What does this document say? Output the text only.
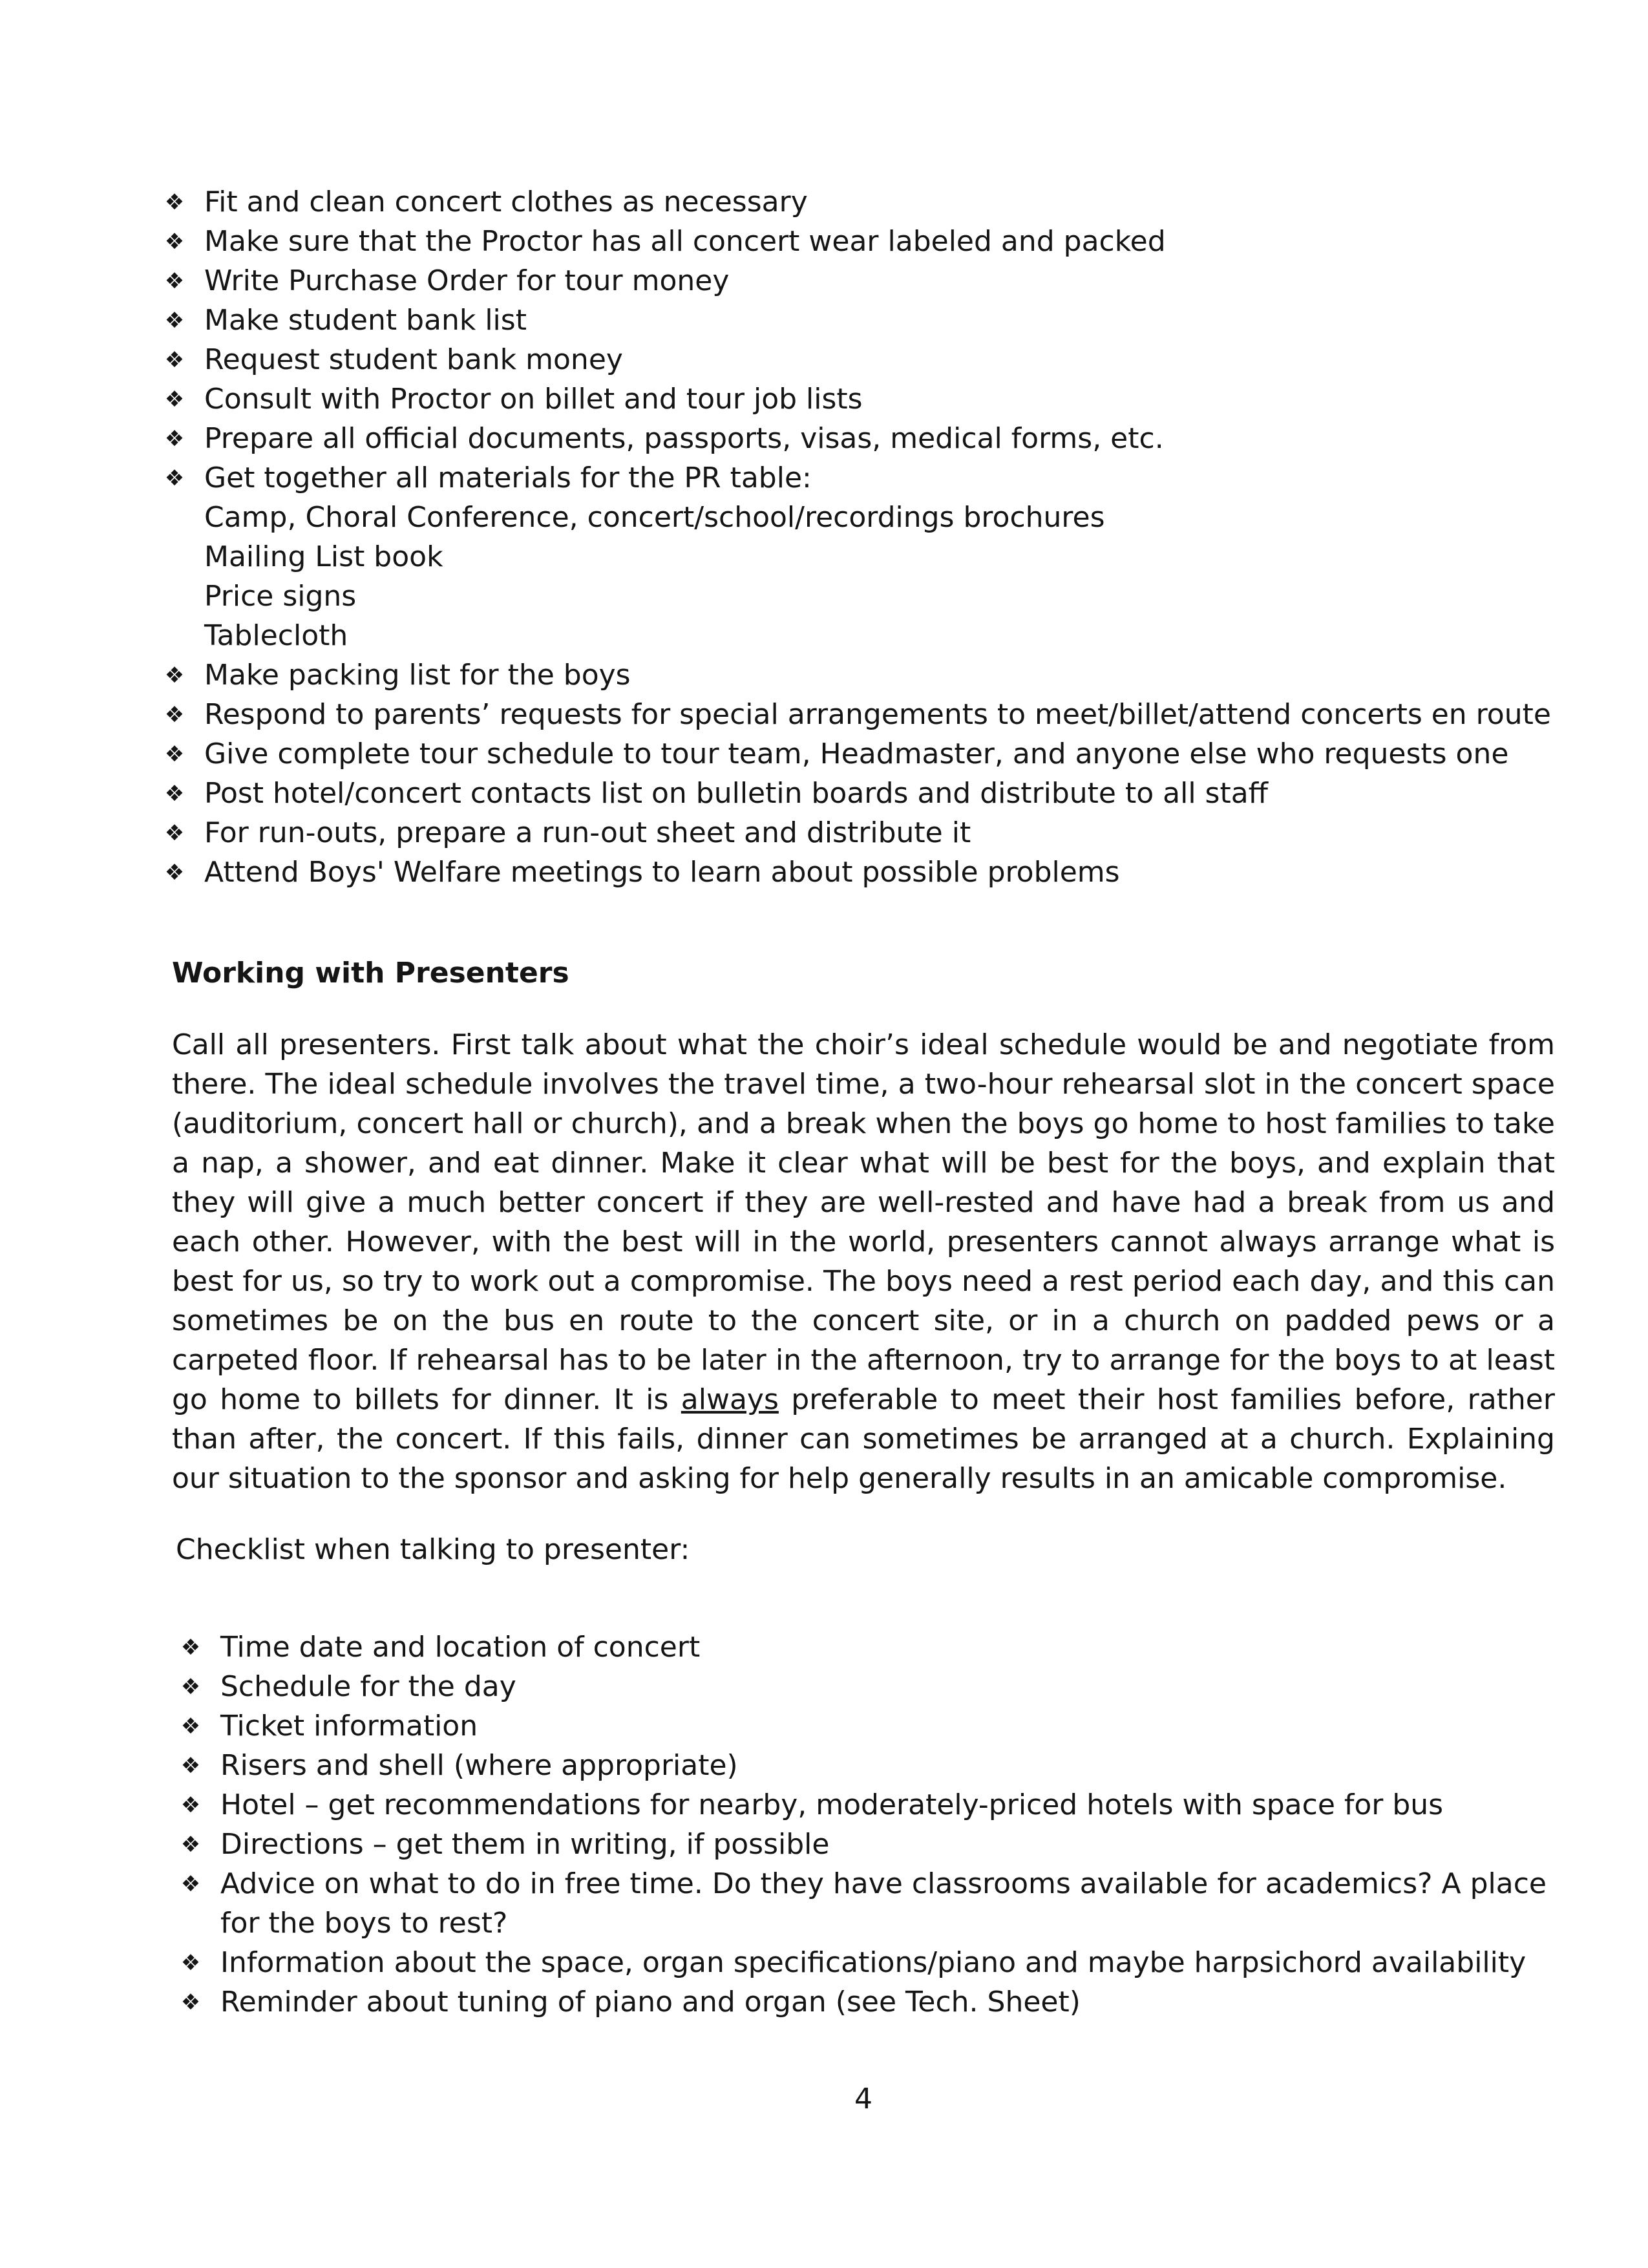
❖ Fit and clean concert clothes as necessary
❖ Make sure that the Proctor has all concert wear labeled and packed
❖ Write Purchase Order for tour money
❖ Make student bank list
❖ Request student bank money
❖ Consult with Proctor on billet and tour job lists
❖ Prepare all official documents, passports, visas, medical forms, etc.
❖ Get together all materials for the PR table:
Camp, Choral Conference, concert/school/recordings brochures
Mailing List book
Price signs
Tablecloth
❖ Make packing list for the boys
❖ Respond to parents’ requests for special arrangements to meet/billet/attend concerts en route
❖ Give complete tour schedule to tour team, Headmaster, and anyone else who requests one
❖ Post hotel/concert contacts list on bulletin boards and distribute to all staff
❖ For run-outs, prepare a run-out sheet and distribute it
❖ Attend Boys' Welfare meetings to learn about possible problems
Working with Presenters

Call all presenters. First talk about what the choir’s ideal schedule would be and negotiate from there. The ideal schedule involves the travel time, a two-hour rehearsal slot in the concert space (auditorium, concert hall or church), and a break when the boys go home to host families to take a nap, a shower, and eat dinner. Make it clear what will be best for the boys, and explain that they will give a much better concert if they are well-rested and have had a break from us and each other. However, with the best will in the world, presenters cannot always arrange what is best for us, so try to work out a compromise. The boys need a rest period each day, and this can sometimes be on the bus en route to the concert site, or in a church on padded pews or a carpeted floor. If rehearsal has to be later in the afternoon, try to arrange for the boys to at least go home to billets for dinner. It is always preferable to meet their host families before, rather than after, the concert. If this fails, dinner can sometimes be arranged at a church. Explaining our situation to the sponsor and asking for help generally results in an amicable compromise.

Checklist when talking to presenter:

❖ Time date and location of concert
❖ Schedule for the day
❖ Ticket information
❖ Risers and shell (where appropriate)
❖ Hotel – get recommendations for nearby, moderately-priced hotels with space for bus
❖ Directions – get them in writing, if possible
❖ Advice on what to do in free time. Do they have classrooms available for academics? A place for the boys to rest?
❖ Information about the space, organ specifications/piano and maybe harpsichord availability
❖ Reminder about tuning of piano and organ (see Tech. Sheet)

4
